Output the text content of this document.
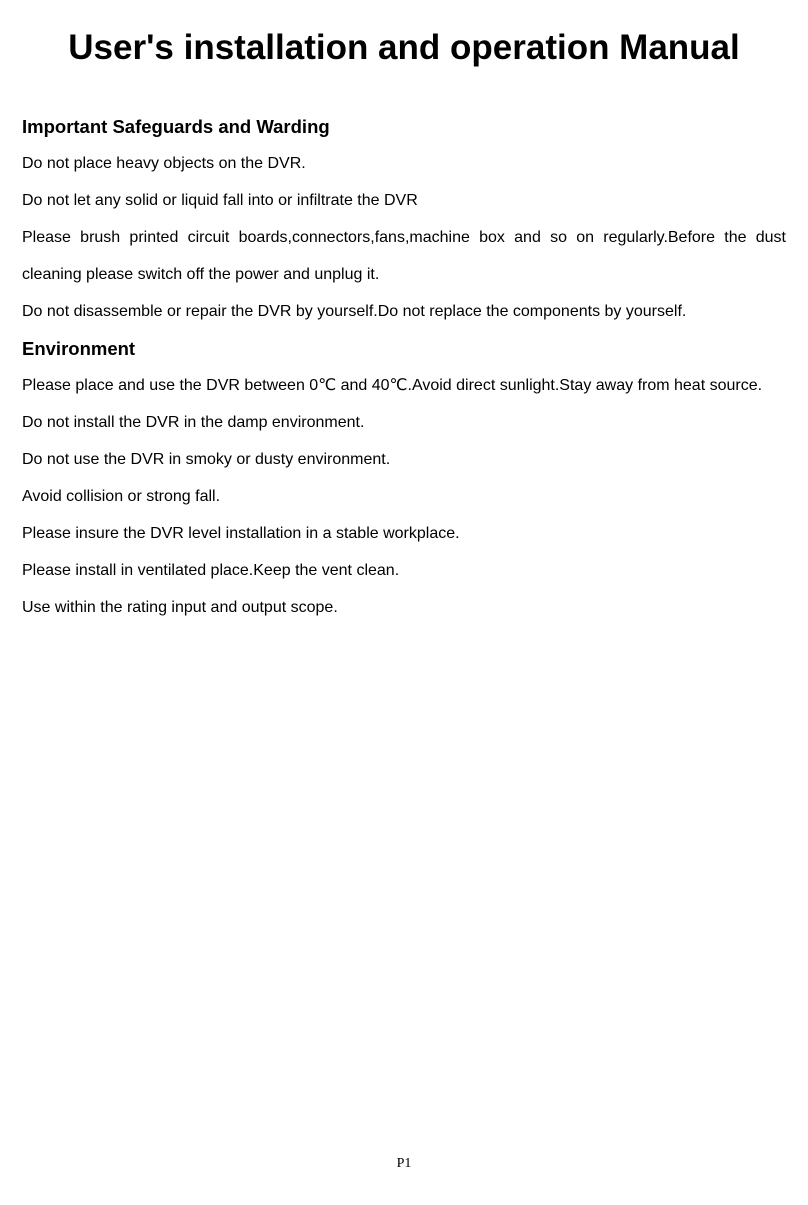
User's installation and operation Manual
Important Safeguards and Warding

Do not place heavy objects on the DVR.

Do not let any solid or liquid fall into or infiltrate the DVR

Please brush printed circuit boards,connectors,fans,machine box and so on regularly.Before the dust cleaning please switch off the power and unplug it.

Do not disassemble or repair the DVR by yourself.Do not replace the components by yourself.

Environment

Please place and use the DVR between 0℃ and 40℃.Avoid direct sunlight.Stay away from heat source.

Do not install the DVR in the damp environment.

Do not use the DVR in smoky or dusty environment.

Avoid collision or strong fall.

Please insure the DVR level installation in a stable workplace.

Please install in ventilated place.Keep the vent clean.

Use within the rating input and output scope.

P1
